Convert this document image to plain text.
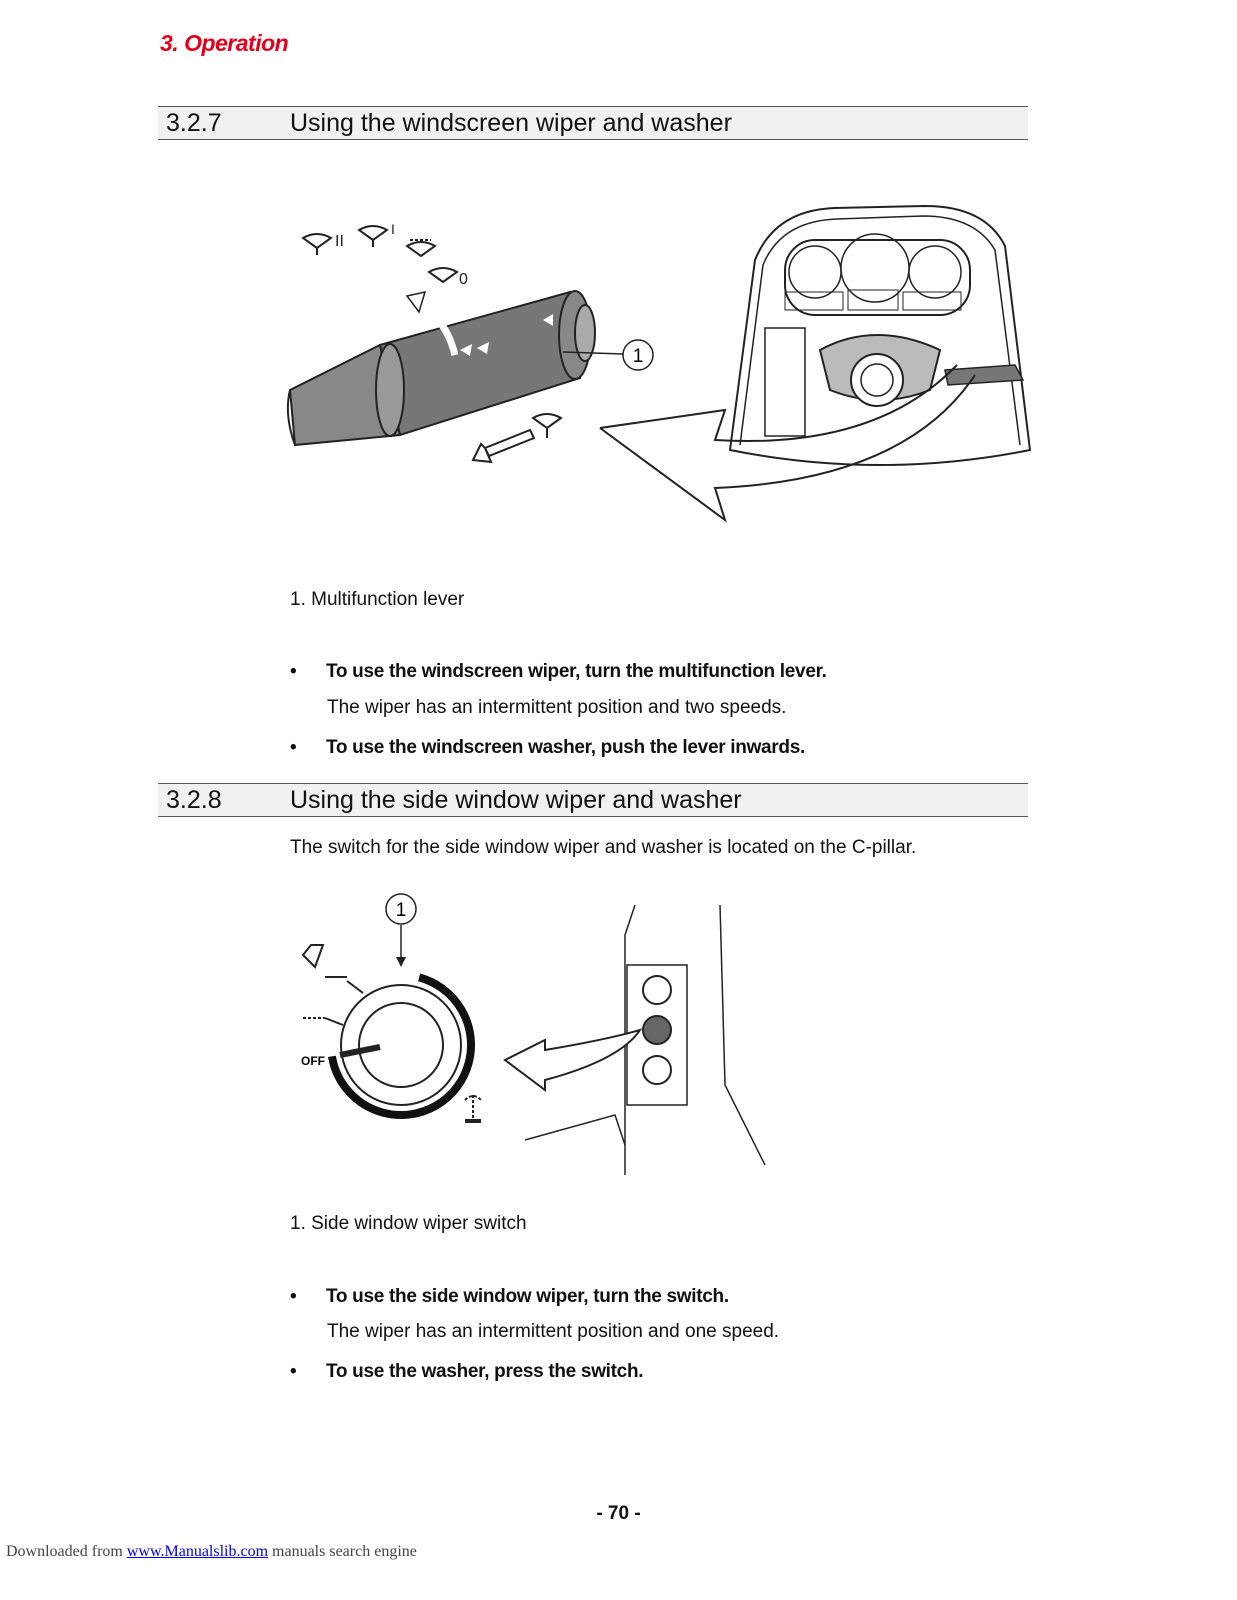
3. Operation
3.2.7	Using the windscreen wiper and washer
II
I
0
1
1. Multifunction lever
• To use the windscreen wiper, turn the multifunction lever.
The wiper has an intermittent position and two speeds.
• To use the windscreen washer, push the lever inwards.
3.2.8	Using the side window wiper and washer
The switch for the side window wiper and washer is located on the C-pillar.
1
OFF
1. Side window wiper switch
• To use the side window wiper, turn the switch.
The wiper has an intermittent position and one speed.
• To use the washer, press the switch.
- 70 -
Downloaded from www.Manualslib.com manuals search engine
